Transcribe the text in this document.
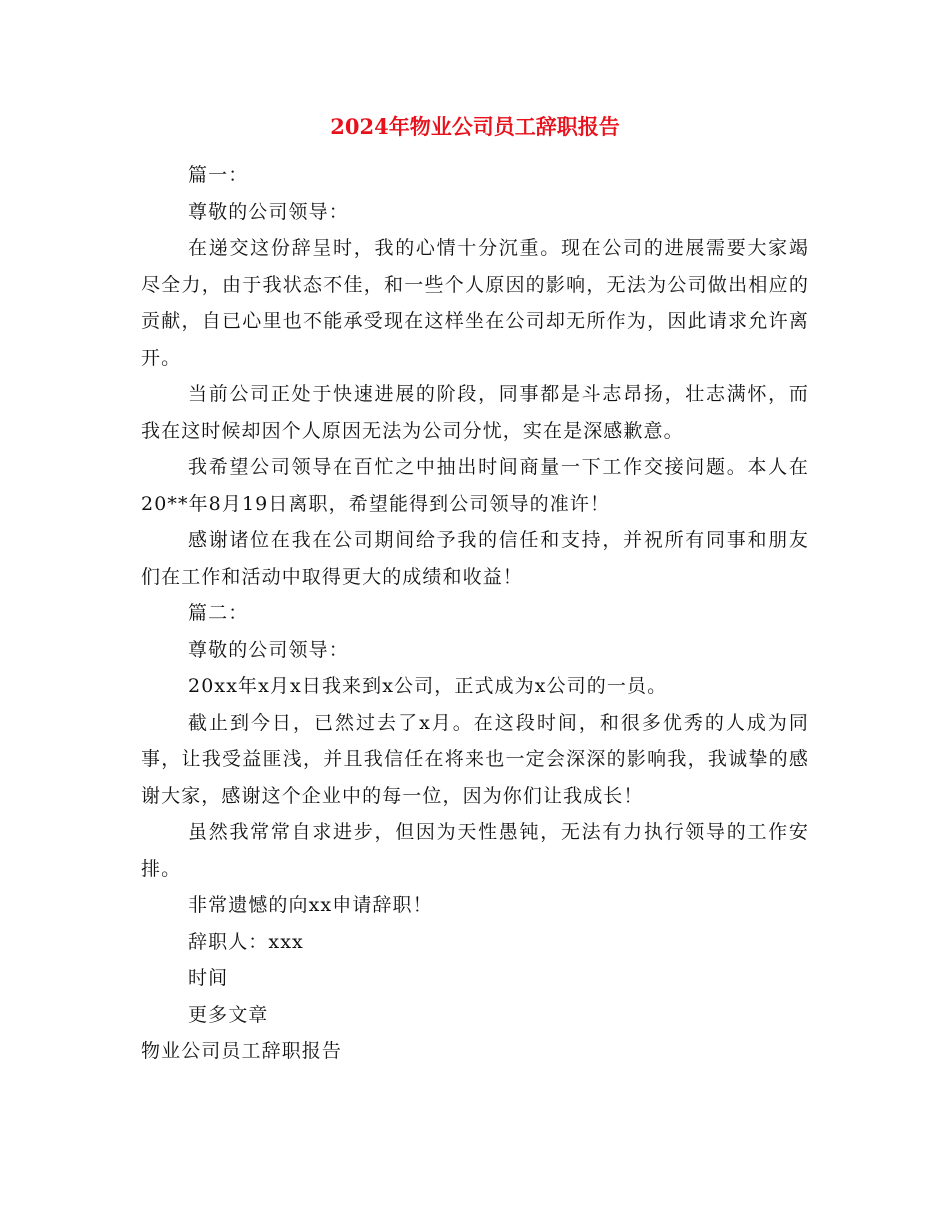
2024年物业公司员工辞职报告

篇一：

尊敬的公司领导：

在递交这份辞呈时，我的心情十分沉重。现在公司的进展需要大家竭尽全力，由于我状态不佳，和一些个人原因的影响，无法为公司做出相应的贡献，自已心里也不能承受现在这样坐在公司却无所作为，因此请求允许离开。

当前公司正处于快速进展的阶段，同事都是斗志昂扬，壮志满怀，而我在这时候却因个人原因无法为公司分忧，实在是深感歉意。

我希望公司领导在百忙之中抽出时间商量一下工作交接问题。本人在20**年8月19日离职，希望能得到公司领导的准许！

感谢诸位在我在公司期间给予我的信任和支持，并祝所有同事和朋友们在工作和活动中取得更大的成绩和收益！

篇二：

尊敬的公司领导：

20xx年x月x日我来到x公司，正式成为x公司的一员。

截止到今日，已然过去了x月。在这段时间，和很多优秀的人成为同事，让我受益匪浅，并且我信任在将来也一定会深深的影响我，我诚挚的感谢大家，感谢这个企业中的每一位，因为你们让我成长！

虽然我常常自求进步，但因为天性愚钝，无法有力执行领导的工作安排。

非常遗憾的向xx申请辞职！

辞职人：xxx

时间

更多文章

物业公司员工辞职报告
